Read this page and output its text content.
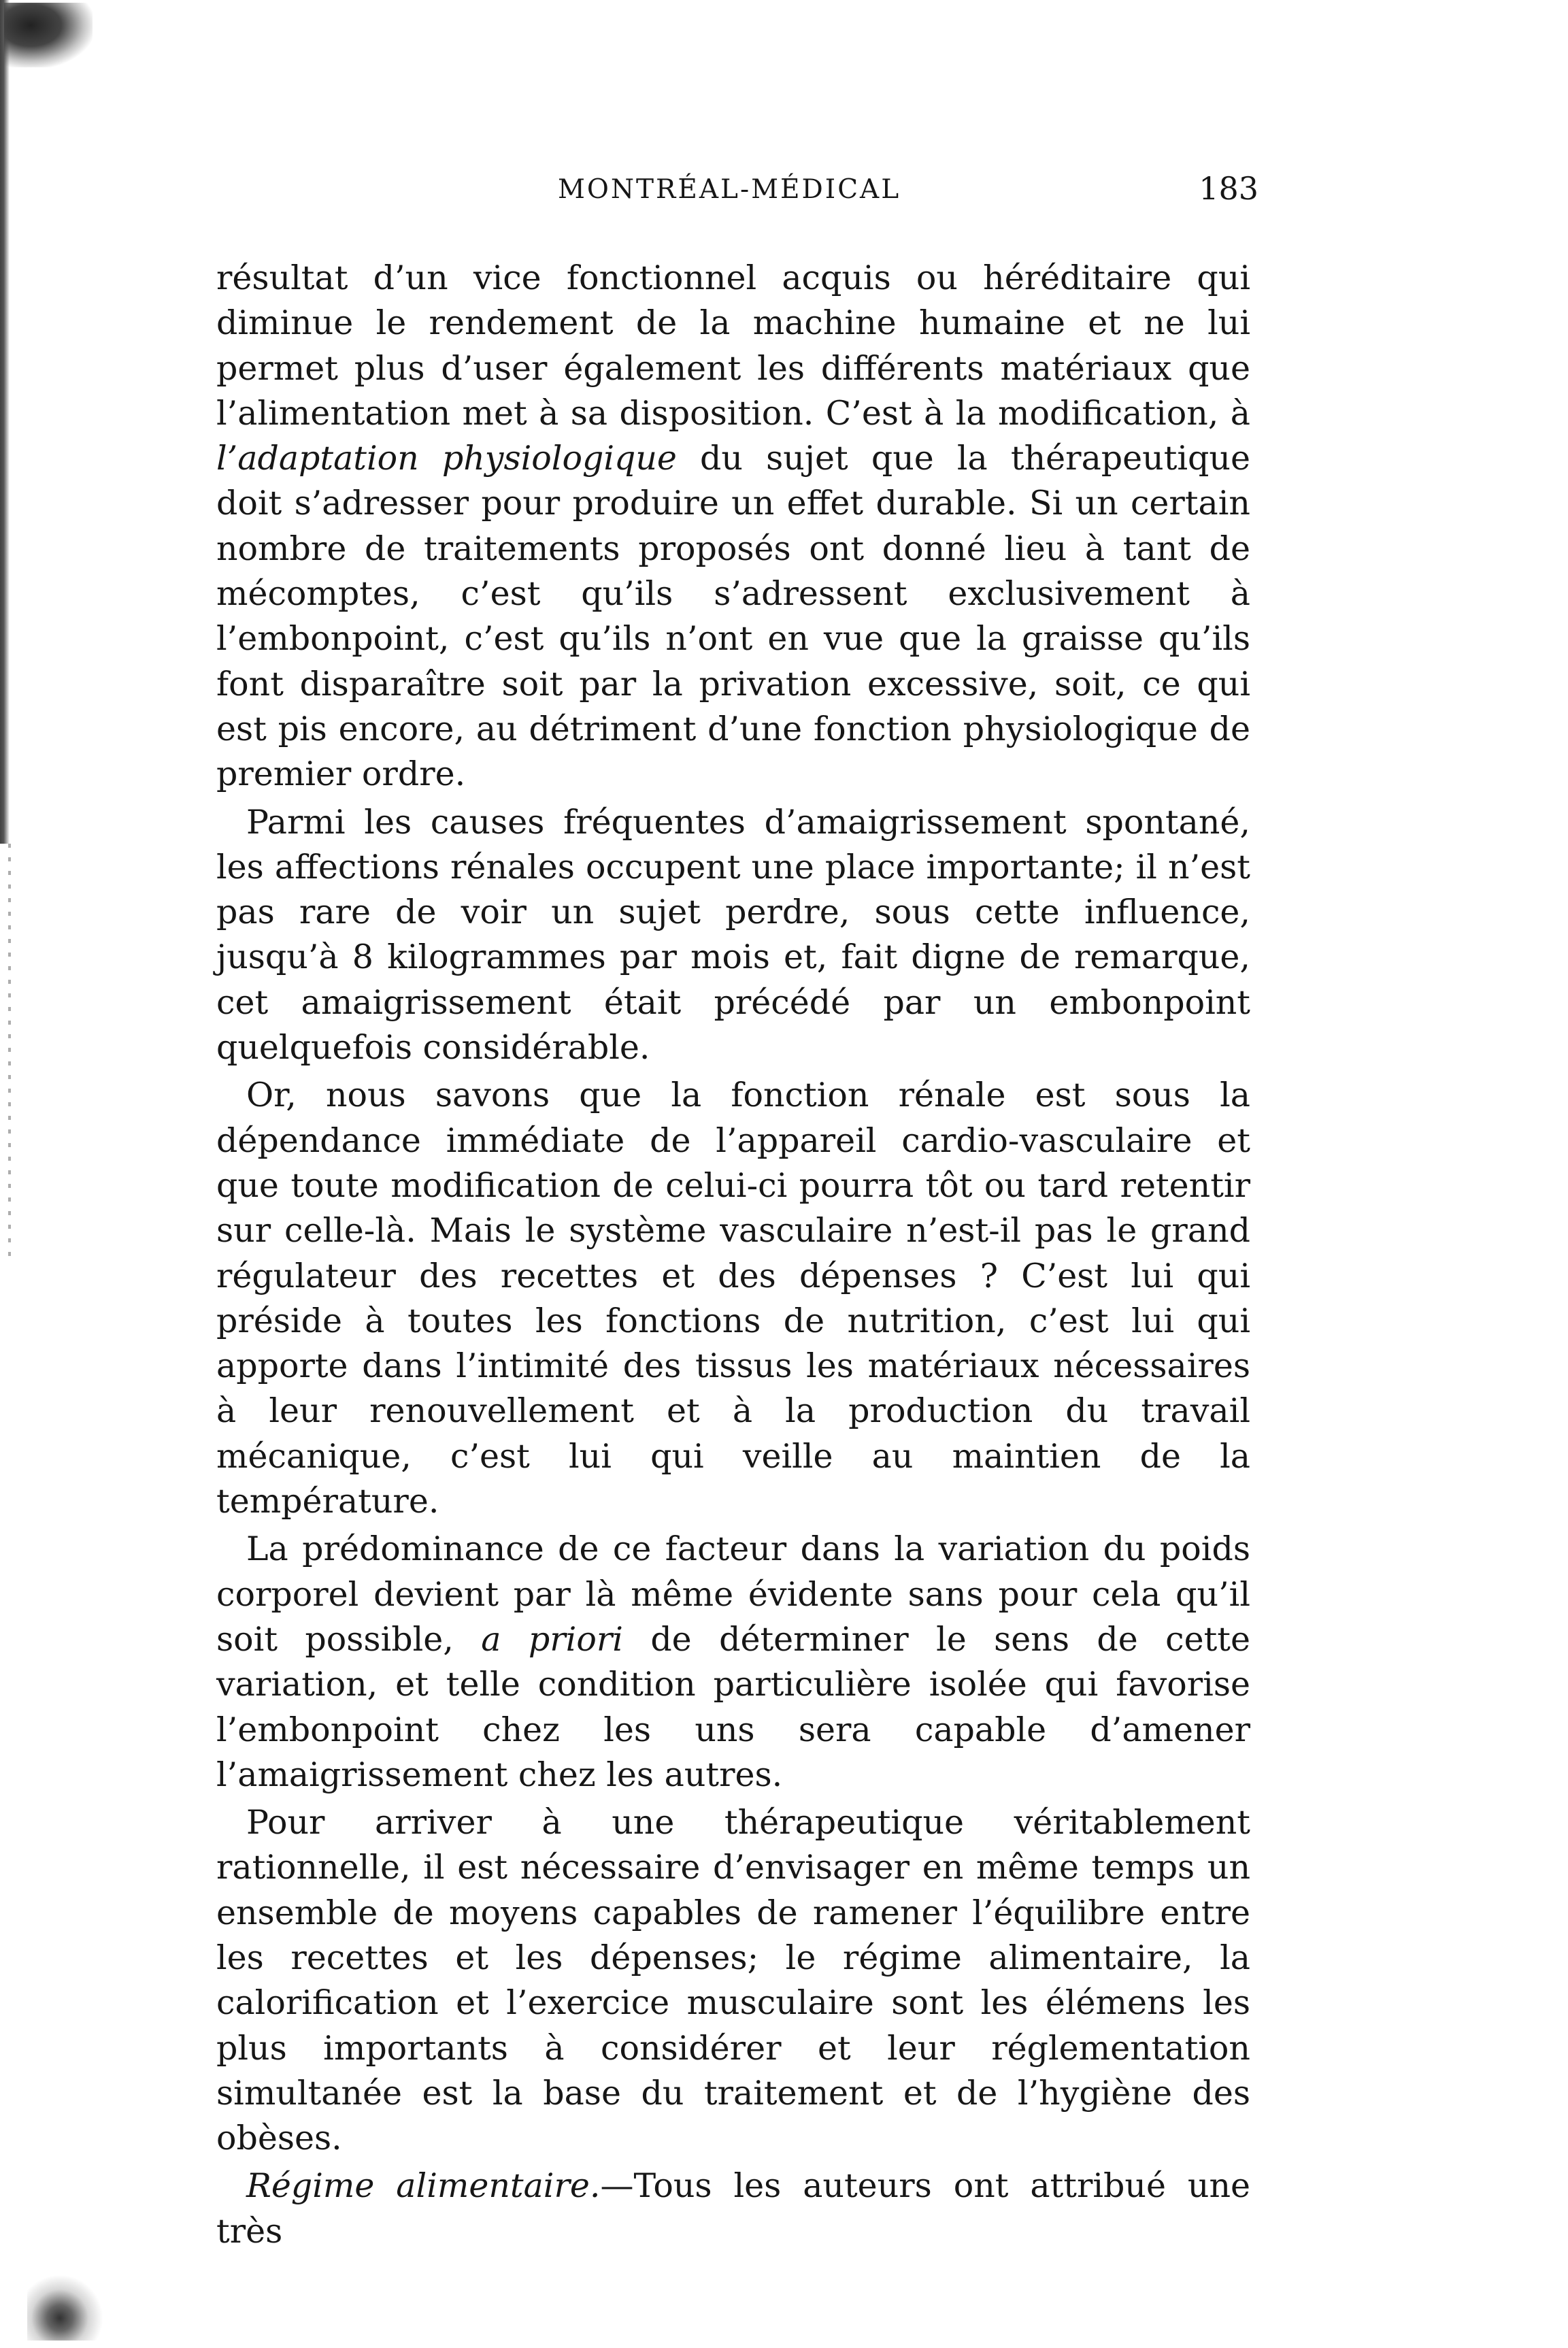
MONTRÉAL-MÉDICAL	183

résultat d’un vice fonctionnel acquis ou héréditaire qui diminue le rendement de la machine humaine et ne lui permet plus d’user également les différents matériaux que l’alimentation met à sa disposition. C’est à la modification, à l’adaptation physiologique du sujet que la thérapeutique doit s’adresser pour produire un effet durable. Si un certain nombre de traitements proposés ont donné lieu à tant de mécomptes, c’est qu’ils s’adressent exclusivement à l’embonpoint, c’est qu’ils n’ont en vue que la graisse qu’ils font disparaître soit par la privation excessive, soit, ce qui est pis encore, au détriment d’une fonction physiologique de premier ordre.

Parmi les causes fréquentes d’amaigrissement spontané, les affections rénales occupent une place importante; il n’est pas rare de voir un sujet perdre, sous cette influence, jusqu’à 8 kilogrammes par mois et, fait digne de remarque, cet amaigrissement était précédé par un embonpoint quelquefois considérable.

Or, nous savons que la fonction rénale est sous la dépendance immédiate de l’appareil cardio-vasculaire et que toute modification de celui-ci pourra tôt ou tard retentir sur celle-là. Mais le système vasculaire n’est-il pas le grand régulateur des recettes et des dépenses ? C’est lui qui préside à toutes les fonctions de nutrition, c’est lui qui apporte dans l’intimité des tissus les matériaux nécessaires à leur renouvellement et à la production du travail mécanique, c’est lui qui veille au maintien de la température.

La prédominance de ce facteur dans la variation du poids corporel devient par là même évidente sans pour cela qu’il soit possible, a priori de déterminer le sens de cette variation, et telle condition particulière isolée qui favorise l’embonpoint chez les uns sera capable d’amener l’amaigrissement chez les autres.

Pour arriver à une thérapeutique véritablement rationnelle, il est nécessaire d’envisager en même temps un ensemble de moyens capables de ramener l’équilibre entre les recettes et les dépenses; le régime alimentaire, la calorification et l’exercice musculaire sont les élémens les plus importants à considérer et leur réglementation simultanée est la base du traitement et de l’hygiène des obèses.

Régime alimentaire.—Tous les auteurs ont attribué une très
